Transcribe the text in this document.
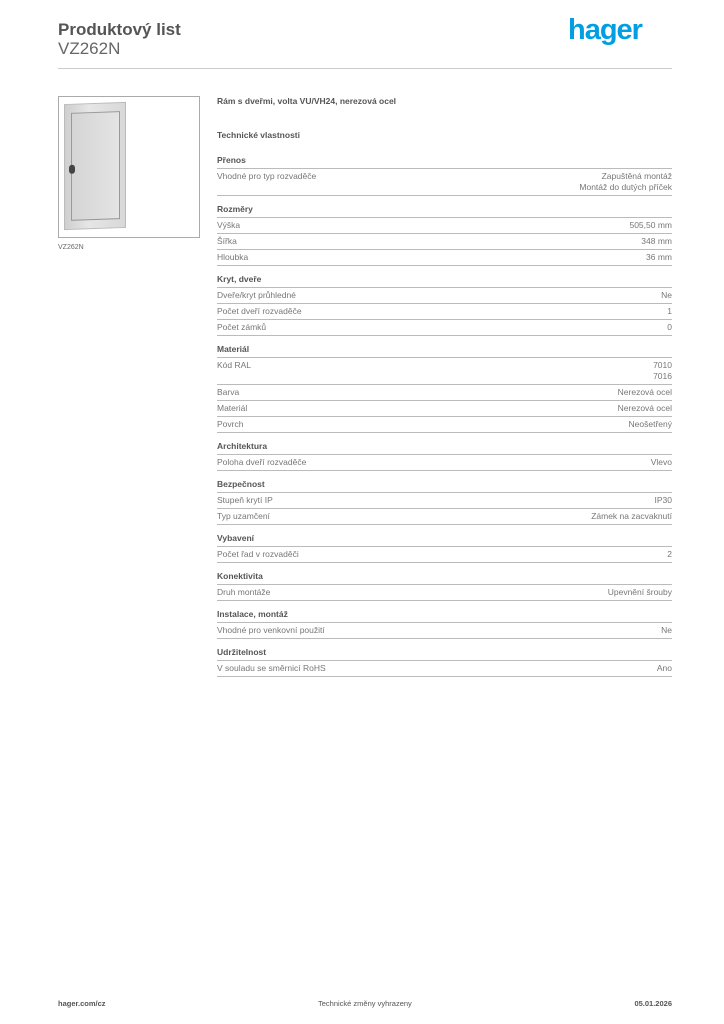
Produktový list
VZ262N
hager
VZ262N
Rám s dveřmi, volta VU/VH24, nerezová ocel
Technické vlastnosti
Přenos
Vhodné pro typ rozvaděče	Zapuštěná montáž
Montáž do dutých příček
Rozměry
Výška	505,50 mm
Šířka	348 mm
Hloubka	36 mm
Kryt, dveře
Dveře/kryt průhledné	Ne
Počet dveří rozvaděče	1
Počet zámků	0
Materiál
Kód RAL	7010
7016
Barva	Nerezová ocel
Materiál	Nerezová ocel
Povrch	Neošetřený
Architektura
Poloha dveří rozvaděče	Vlevo
Bezpečnost
Stupeň krytí IP	IP30
Typ uzamčení	Zámek na zacvaknutí
Vybavení
Počet řad v rozvaděči	2
Konektivita
Druh montáže	Upevnění šrouby
Instalace, montáž
Vhodné pro venkovní použití	Ne
Udržitelnost
V souladu se směrnicí RoHS	Ano
hager.com/cz	Technické změny vyhrazeny	05.01.2026
